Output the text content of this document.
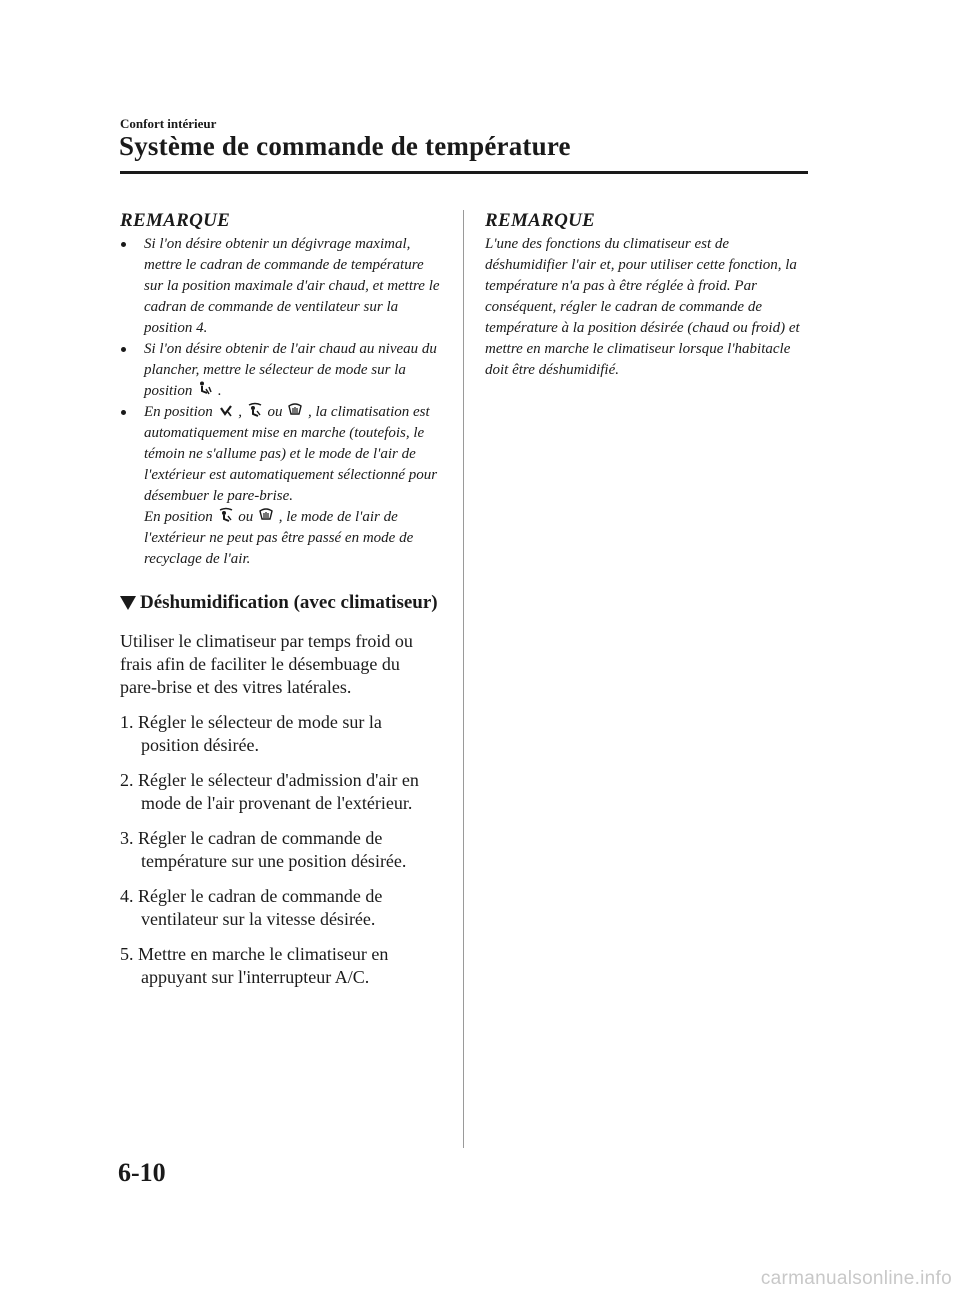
Confort intérieur
Système de commande de température
REMARQUE
Si l'on désire obtenir un dégivrage maximal, mettre le cadran de commande de température sur la position maximale d'air chaud, et mettre le cadran de commande de ventilateur sur la position 4.
Si l'on désire obtenir de l'air chaud au niveau du plancher, mettre le sélecteur de mode sur la position .
En position , ou , la climatisation est automatiquement mise en marche (toutefois, le témoin ne s'allume pas) et le mode de l'air de l'extérieur est automatiquement sélectionné pour désembuer le pare-brise.
En position ou , le mode de l'air de l'extérieur ne peut pas être passé en mode de recyclage de l'air.
Déshumidification (avec climatiseur)

Utiliser le climatiseur par temps froid ou frais afin de faciliter le désembuage du pare-brise et des vitres latérales.

1. Régler le sélecteur de mode sur la position désirée.
2. Régler le sélecteur d'admission d'air en mode de l'air provenant de l'extérieur.
3. Régler le cadran de commande de température sur une position désirée.
4. Régler le cadran de commande de ventilateur sur la vitesse désirée.
5. Mettre en marche le climatiseur en appuyant sur l'interrupteur A/C.
REMARQUE

L'une des fonctions du climatiseur est de déshumidifier l'air et, pour utiliser cette fonction, la température n'a pas à être réglée à froid. Par conséquent, régler le cadran de commande de température à la position désirée (chaud ou froid) et mettre en marche le climatiseur lorsque l'habitacle doit être déshumidifié.

6-10
carmanualsonline.info
